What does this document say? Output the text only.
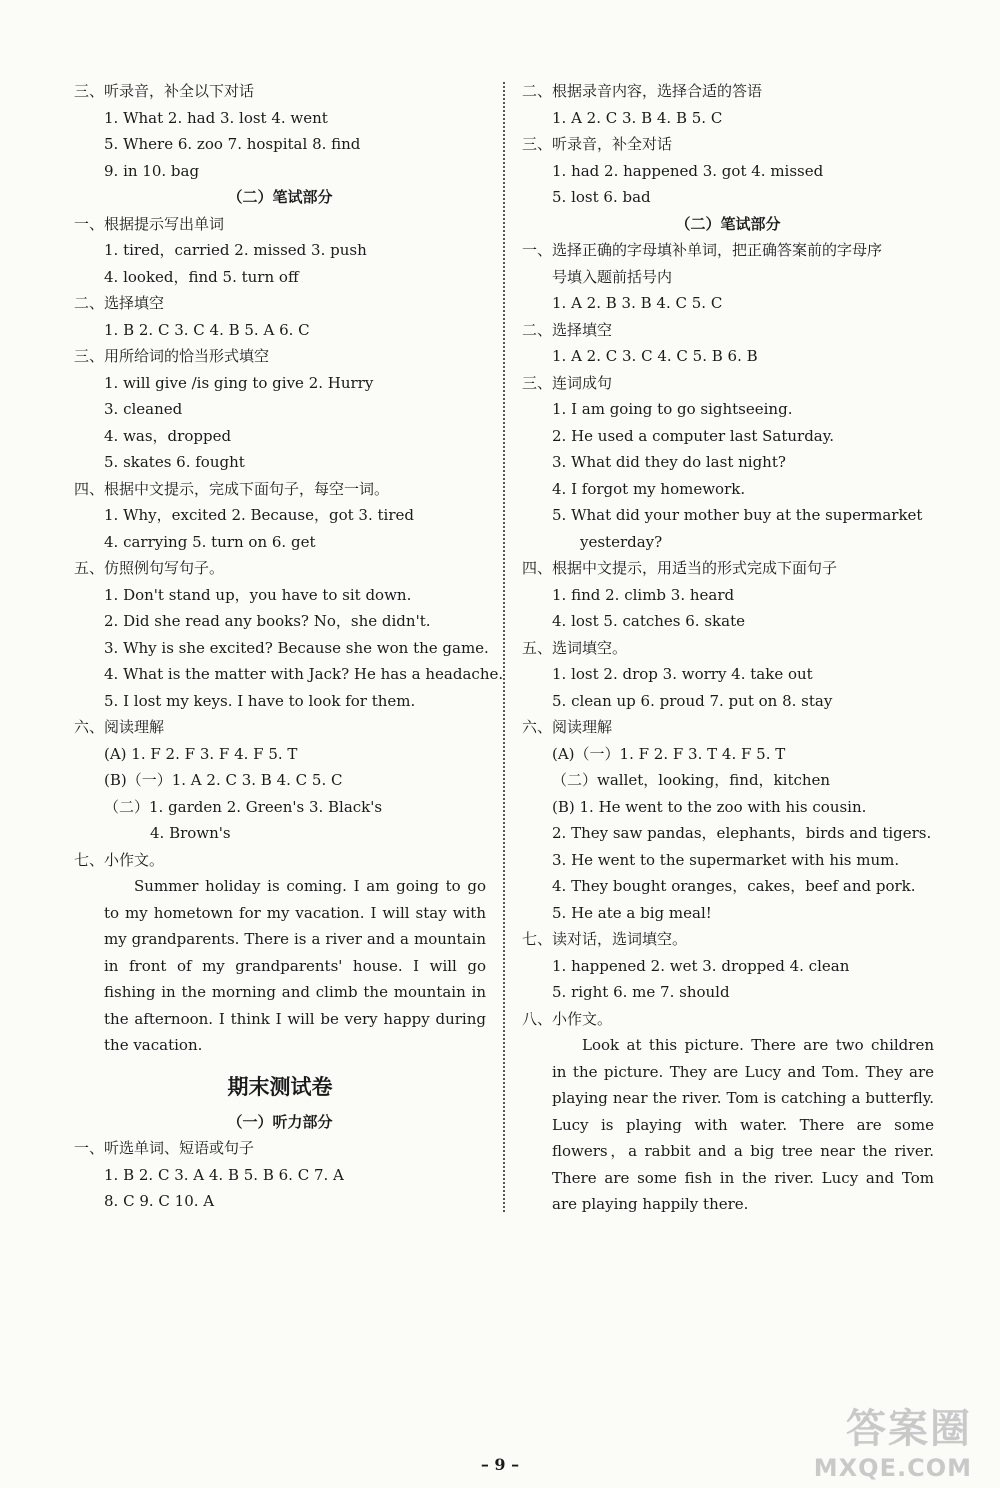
三、听录音，补全以下对话
1. What 2. had 3. lost 4. went
5. Where 6. zoo 7. hospital 8. find
9. in 10. bag
（二）笔试部分
一、根据提示写出单词
1. tired，carried 2. missed 3. push
4. looked，find 5. turn off
二、选择填空
1. B 2. C 3. C 4. B 5. A 6. C
三、用所给词的恰当形式填空
1. will give /is ging to give 2. Hurry
3. cleaned
4. was，dropped
5. skates 6. fought
四、根据中文提示，完成下面句子，每空一词。
1. Why，excited 2. Because，got 3. tired
4. carrying 5. turn on 6. get
五、仿照例句写句子。
1. Don't stand up，you have to sit down.
2. Did she read any books? No，she didn't.
3. Why is she excited? Because she won the game.
4. What is the matter with Jack? He has a headache.
5. I lost my keys. I have to look for them.
六、阅读理解
(A) 1. F 2. F 3. F 4. F 5. T
(B)（一）1. A 2. C 3. B 4. C 5. C
（二）1. garden 2. Green's 3. Black's
4. Brown's
七、小作文。
Summer holiday is coming. I am going to go to my hometown for my vacation. I will stay with my grandparents. There is a river and a mountain in front of my grandparents' house. I will go fishing in the morning and climb the mountain in the afternoon. I think I will be very happy during the vacation.
期末测试卷
（一）听力部分
一、听选单词、短语或句子
1. B 2. C 3. A 4. B 5. B 6. C 7. A
8. C 9. C 10. A
二、根据录音内容，选择合适的答语
1. A 2. C 3. B 4. B 5. C
三、听录音，补全对话
1. had 2. happened 3. got 4. missed
5. lost 6. bad
（二）笔试部分
一、选择正确的字母填补单词，把正确答案前的字母序
号填入题前括号内
1. A 2. B 3. B 4. C 5. C
二、选择填空
1. A 2. C 3. C 4. C 5. B 6. B
三、连词成句
1. I am going to go sightseeing.
2. He used a computer last Saturday.
3. What did they do last night?
4. I forgot my homework.
5. What did your mother buy at the supermarket
yesterday?
四、根据中文提示，用适当的形式完成下面句子
1. find 2. climb 3. heard
4. lost 5. catches 6. skate
五、选词填空。
1. lost 2. drop 3. worry 4. take out
5. clean up 6. proud 7. put on 8. stay
六、阅读理解
(A)（一）1. F 2. F 3. T 4. F 5. T
（二）wallet，looking，find，kitchen
(B) 1. He went to the zoo with his cousin.
2. They saw pandas，elephants，birds and tigers.
3. He went to the supermarket with his mum.
4. They bought oranges，cakes，beef and pork.
5. He ate a big meal!
七、读对话，选词填空。
1. happened 2. wet 3. dropped 4. clean
5. right 6. me 7. should
八、小作文。
Look at this picture. There are two children in the picture. They are Lucy and Tom. They are playing near the river. Tom is catching a butterfly. Lucy is playing with water. There are some flowers，a rabbit and a big tree near the river. There are some fish in the river. Lucy and Tom are playing happily there.
– 9 –
答案圈
MXQE.COM
